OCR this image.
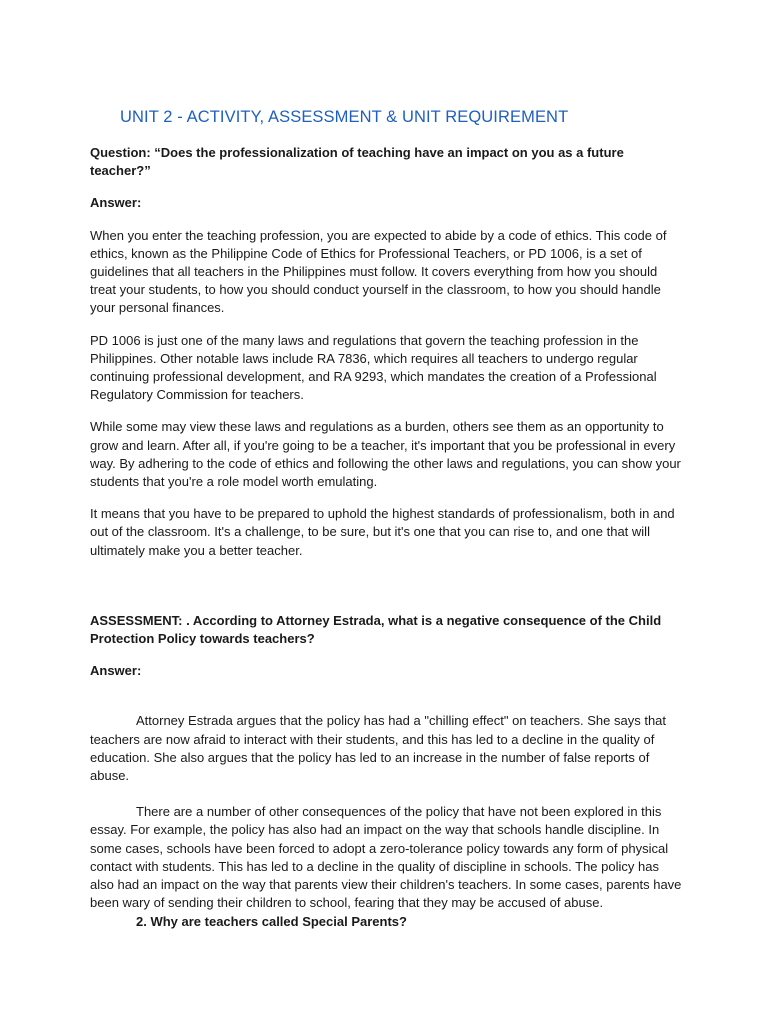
UNIT 2 - ACTIVITY, ASSESSMENT & UNIT REQUIREMENT

Question: “Does the professionalization of teaching have an impact on you as a future teacher?”

Answer:

When you enter the teaching profession, you are expected to abide by a code of ethics. This code of ethics, known as the Philippine Code of Ethics for Professional Teachers, or PD 1006, is a set of guidelines that all teachers in the Philippines must follow. It covers everything from how you should treat your students, to how you should conduct yourself in the classroom, to how you should handle your personal finances.

PD 1006 is just one of the many laws and regulations that govern the teaching profession in the Philippines. Other notable laws include RA 7836, which requires all teachers to undergo regular continuing professional development, and RA 9293, which mandates the creation of a Professional Regulatory Commission for teachers.

While some may view these laws and regulations as a burden, others see them as an opportunity to grow and learn. After all, if you're going to be a teacher, it's important that you be professional in every way. By adhering to the code of ethics and following the other laws and regulations, you can show your students that you're a role model worth emulating.

It means that you have to be prepared to uphold the highest standards of professionalism, both in and out of the classroom. It's a challenge, to be sure, but it's one that you can rise to, and one that will ultimately make you a better teacher.

ASSESSMENT: . According to Attorney Estrada, what is a negative consequence of the Child Protection Policy towards teachers?

Answer:

Attorney Estrada argues that the policy has had a "chilling effect" on teachers. She says that teachers are now afraid to interact with their students, and this has led to a decline in the quality of education. She also argues that the policy has led to an increase in the number of false reports of abuse.

There are a number of other consequences of the policy that have not been explored in this essay. For example, the policy has also had an impact on the way that schools handle discipline. In some cases, schools have been forced to adopt a zero-tolerance policy towards any form of physical contact with students. This has led to a decline in the quality of discipline in schools. The policy has also had an impact on the way that parents view their children's teachers. In some cases, parents have been wary of sending their children to school, fearing that they may be accused of abuse.

2. Why are teachers called Special Parents?
